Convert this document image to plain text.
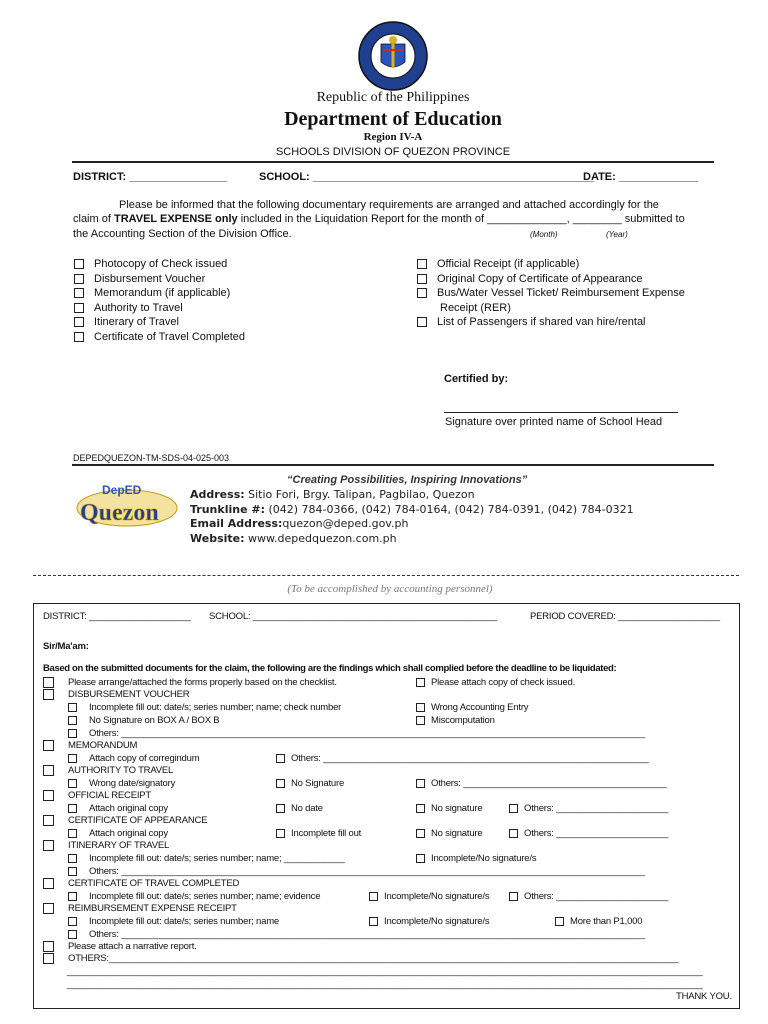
Republic of the Philippines
Department of Education
Region IV-A
SCHOOLS DIVISION OF QUEZON PROVINCE
DISTRICT: ________________	SCHOOL: ______________________________________________
DATE: _____________
Please be informed that the following documentary requirements are arranged and attached accordingly for the
claim of TRAVEL EXPENSE only included in the Liquidation Report for the month of _____________, ________ submitted to
the Accounting Section of the Division Office.	(Month)	(Year)
Photocopy of Check issued
Disbursement Voucher
Memorandum (if applicable)
Authority to Travel
Itinerary of Travel
Certificate of Travel Completed
Official Receipt (if applicable)
Original Copy of Certificate of Appearance
Bus/Water Vessel Ticket/ Reimbursement Expense
Receipt (RER)
List of Passengers if shared van hire/rental
Certified by:
Signature over printed name of School Head
DEPEDQUEZON-TM-SDS-04-025-003
“Creating Possibilities, Inspiring Innovations”
DepED
Quezon
Address: Sitio Fori, Brgy. Talipan, Pagbilao, Quezon
Trunkline #: (042) 784-0366, (042) 784-0164, (042) 784-0391, (042) 784-0321
Email Address:quezon@deped.gov.ph
Website: www.depedquezon.com.ph
(To be accomplished by accounting personnel)
DISTRICT: ____________________ SCHOOL: ________________________________________________	PERIOD COVERED: ____________________
Sir/Ma'am:
Based on the submitted documents for the claim, the following are the findings which shall complied before the deadline to be liquidated:
Please arrange/attached the forms properly based on the checklist.	Please attach copy of check issued.
DISBURSEMENT VOUCHER
Incomplete fill out: date/s; series number; name; check number	Wrong Accounting Entry
No Signature on BOX A / BOX B	Miscomputation
Others: _______________________________________________________________________________________________________
MEMORANDUM
Attach copy of corregindum	Others: ________________________________________________________________
AUTHORITY TO TRAVEL
Wrong date/signatory	No Signature	Others: ________________________________________
OFFICIAL RECEIPT
Attach original copy	No date	No signature	Others: ______________________
CERTIFICATE OF APPEARANCE
Attach original copy	Incomplete fill out	No signature	Others: ______________________
ITINERARY OF TRAVEL
Incomplete fill out: date/s; series number; name; ____________	Incomplete/No signature/s
Others: _______________________________________________________________________________________________________
CERTIFICATE OF TRAVEL COMPLETED
Incomplete fill out: date/s; series number; name; evidence	Incomplete/No signature/s	Others: ______________________
REIMBURSEMENT EXPENSE RECEIPT
Incomplete fill out: date/s; series number; name	Incomplete/No signature/s	More than P1,000
Others: _______________________________________________________________________________________________________
Please attach a narrative report.
OTHERS:________________________________________________________________________________________________________________
_____________________________________________________________________________________________________________________________
_____________________________________________________________________________________________________________________________
THANK YOU.
